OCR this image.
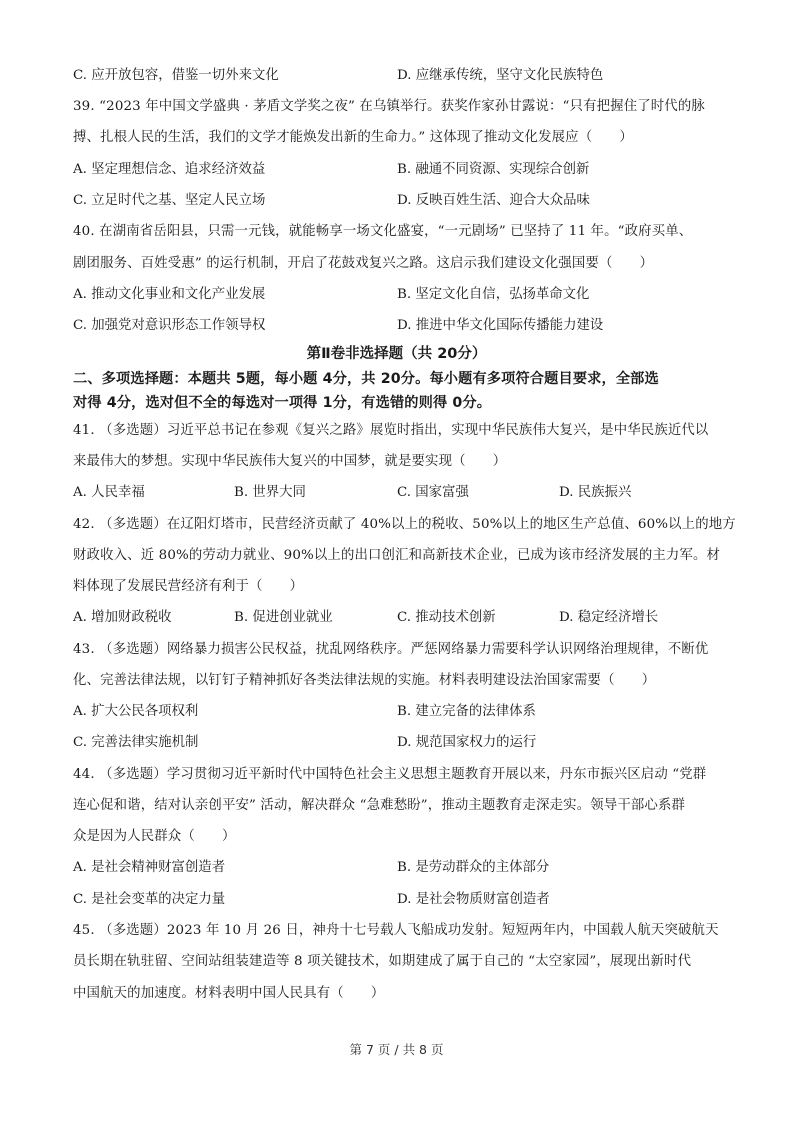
C. 应开放包容，借鉴一切外来文化	D. 应继承传统，坚守文化民族特色
39. “2023 年中国文学盛典 · 茅盾文学奖之夜” 在乌镇举行。获奖作家孙甘露说：“只有把握住了时代的脉
搏、扎根人民的生活，我们的文学才能焕发出新的生命力。” 这体现了推动文化发展应（　　）
A. 坚定理想信念、追求经济效益	B. 融通不同资源、实现综合创新
C. 立足时代之基、坚定人民立场	D. 反映百姓生活、迎合大众品味
40. 在湖南省岳阳县，只需一元钱，就能畅享一场文化盛宴，“一元剧场” 已坚持了 11 年。“政府买单、
剧团服务、百姓受惠” 的运行机制，开启了花鼓戏复兴之路。这启示我们建设文化强国要（　　）
A. 推动文化事业和文化产业发展	B. 坚定文化自信，弘扬革命文化
C. 加强党对意识形态工作领导权	D. 推进中华文化国际传播能力建设
第Ⅱ卷非选择题（共 20分）
二、多项选择题：本题共 5题，每小题 4分，共 20分。每小题有多项符合题目要求，全部选
对得 4分，选对但不全的每选对一项得 1分，有选错的则得 0分。
41. （多选题）习近平总书记在参观《复兴之路》展览时指出，实现中华民族伟大复兴，是中华民族近代以
来最伟大的梦想。实现中华民族伟大复兴的中国梦，就是要实现（　　）
A. 人民幸福	B. 世界大同	C. 国家富强	D. 民族振兴
42. （多选题）在辽阳灯塔市，民营经济贡献了 40%以上的税收、50%以上的地区生产总值、60%以上的地方
财政收入、近 80%的劳动力就业、90%以上的出口创汇和高新技术企业，已成为该市经济发展的主力军。材
料体现了发展民营经济有利于（　　）
A. 增加财政税收	B. 促进创业就业	C. 推动技术创新	D. 稳定经济增长
43. （多选题）网络暴力损害公民权益，扰乱网络秩序。严惩网络暴力需要科学认识网络治理规律，不断优
化、完善法律法规，以钉钉子精神抓好各类法律法规的实施。材料表明建设法治国家需要（　　）
A. 扩大公民各项权利	B. 建立完备的法律体系
C. 完善法律实施机制	D. 规范国家权力的运行
44. （多选题）学习贯彻习近平新时代中国特色社会主义思想主题教育开展以来，丹东市振兴区启动 “党群
连心促和谐，结对认亲创平安” 活动，解决群众 “急难愁盼”，推动主题教育走深走实。领导干部心系群
众是因为人民群众（　　）
A. 是社会精神财富创造者	B. 是劳动群众的主体部分
C. 是社会变革的决定力量	D. 是社会物质财富创造者
45. （多选题）2023 年 10 月 26 日，神舟十七号载人飞船成功发射。短短两年内，中国载人航天突破航天
员长期在轨驻留、空间站组装建造等 8 项关键技术，如期建成了属于自己的 “太空家园”，展现出新时代
中国航天的加速度。材料表明中国人民具有（　　）
第 7 页 / 共 8 页
